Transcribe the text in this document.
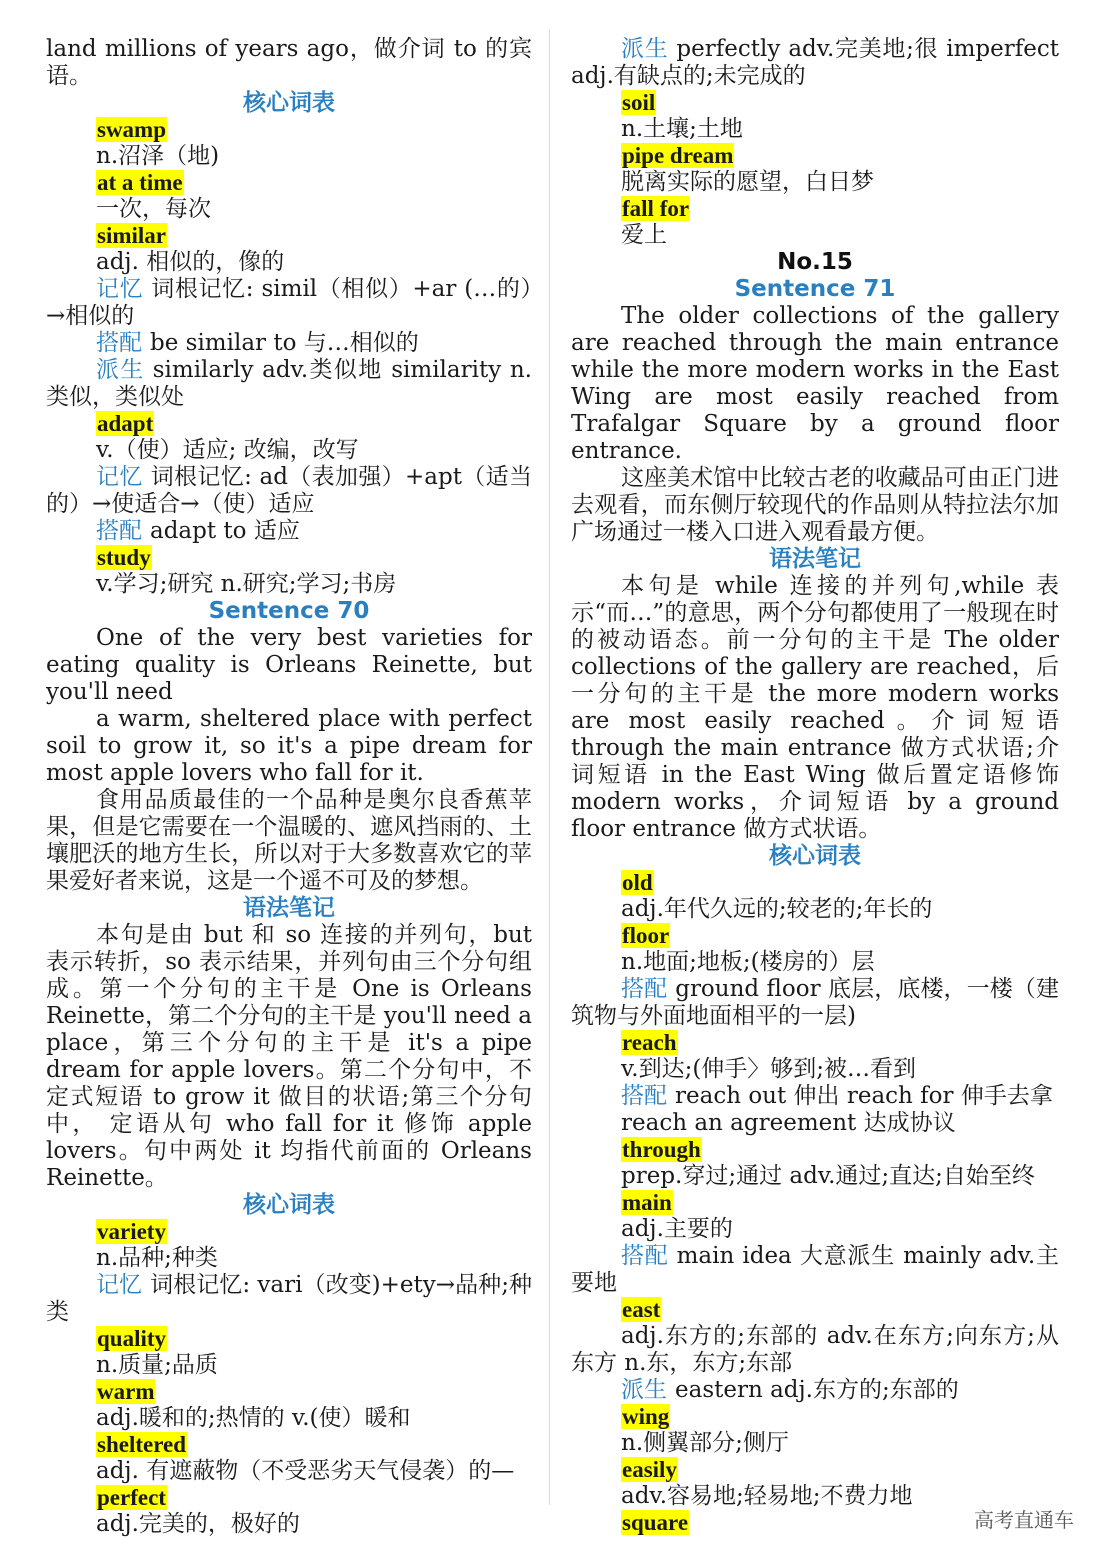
land millions of years ago，做介词 to 的宾语。
核心词表
swamp
n.沼泽（地)
at a time
一次，每次
similar
adj. 相似的，像的
记忆 词根记忆: simil（相似）+ar (…的）→相似的
搭配 be similar to 与…相似的
派生 similarly adv.类似地 similarity n.类似，类似处
adapt
v.（使）适应; 改编，改写
记忆 词根记忆: ad（表加强）+apt（适当的）→使适合→（使）适应
搭配 adapt to 适应
study
v.学习;研究 n.研究;学习;书房
Sentence 70
One of the very best varieties for eating quality is Orleans Reinette, but you'll need
a warm, sheltered place with perfect soil to grow it, so it's a pipe dream for most apple lovers who fall for it.
食用品质最佳的一个品种是奥尔良香蕉苹果，但是它需要在一个温暖的、遮风挡雨的、土壤肥沃的地方生长，所以对于大多数喜欢它的苹果爱好者来说，这是一个遥不可及的梦想。
语法笔记
本句是由 but 和 so 连接的并列句，but 表示转折，so 表示结果，并列句由三个分句组成。第一个分句的主干是 One is Orleans Reinette，第二个分句的主干是 you'll need a place，第三个分句的主干是 it's a pipe dream for apple lovers。第二个分句中，不定式短语 to grow it 做目的状语;第三个分句中， 定语从句 who fall for it 修饰 apple lovers。句中两处 it 均指代前面的 Orleans Reinette。
核心词表
variety
n.品种;种类
记忆 词根记忆: vari（改变)+ety→品种;种类
quality
n.质量;品质
warm
adj.暖和的;热情的 v.(使）暖和
sheltered
adj. 有遮蔽物（不受恶劣天气侵袭）的—
perfect
adj.完美的，极好的
派生 perfectly adv.完美地;很 imperfect adj.有缺点的;未完成的
soil
n.土壤;土地
pipe dream
脱离实际的愿望，白日梦
fall for
爱上
No.15
Sentence 71
The older collections of the gallery are reached through the main entrance while the more modern works in the East Wing are most easily reached from Trafalgar Square by a ground floor entrance.
这座美术馆中比较古老的收藏品可由正门进去观看，而东侧厅较现代的作品则从特拉法尔加广场通过一楼入口进入观看最方便。
语法笔记
本句是 while 连接的并列句,while 表示“而…”的意思，两个分句都使用了一般现在时的被动语态。前一分句的主干是 The older collections of the gallery are reached，后一分句的主干是 the more modern works are most easily reached。介词短语 through the main entrance 做方式状语;介词短语 in the East Wing 做后置定语修饰 modern works，介词短语 by a ground floor entrance 做方式状语。
核心词表
old
adj.年代久远的;较老的;年长的
floor
n.地面;地板;(楼房的）层
搭配 ground floor 底层，底楼，一楼（建筑物与外面地面相平的一层)
reach
v.到达;(伸手〉够到;被…看到
搭配 reach out 伸出 reach for 伸手去拿
reach an agreement 达成协议
through
prep.穿过;通过 adv.通过;直达;自始至终
main
adj.主要的
搭配 main idea 大意派生 mainly adv.主要地
east
adj.东方的;东部的 adv.在东方;向东方;从东方 n.东，东方;东部
派生 eastern adj.东方的;东部的
wing
n.侧翼部分;侧厅
easily
adv.容易地;轻易地;不费力地
square	高考直通车
